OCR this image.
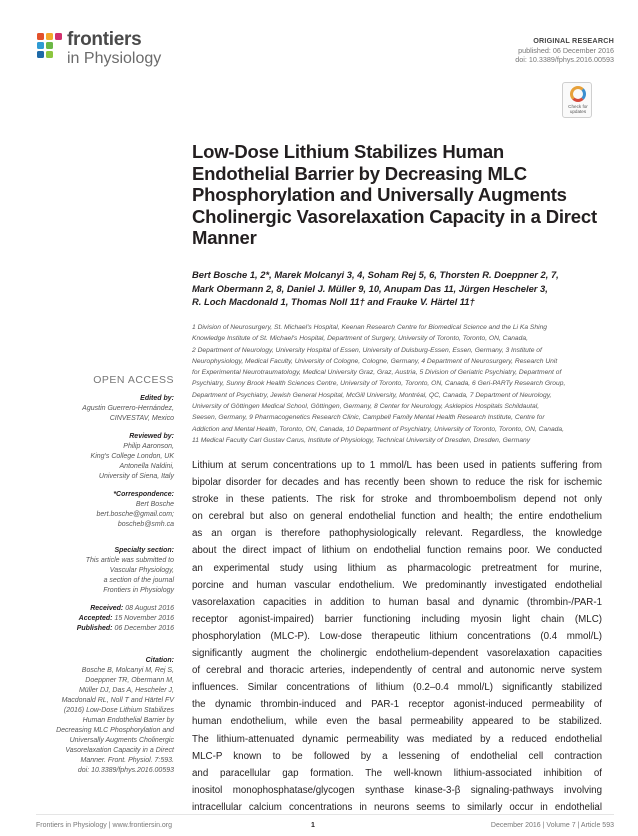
frontiers
in Physiology
ORIGINAL RESEARCH
published: 06 December 2016
doi: 10.3389/fphys.2016.00593
Check for updates
OPEN ACCESS
Edited by:
Agustin Guerrero-Hernández,
CINVESTAV, Mexico
Reviewed by:
Philip Aaronson,
King's College London, UK
Antonella Naldini,
University of Siena, Italy
*Correspondence:
Bert Bosche
bert.bosche@gmail.com;
boscheb@smh.ca
Specialty section:
This article was submitted to
Vascular Physiology,
a section of the journal
Frontiers in Physiology
Received: 08 August 2016
Accepted: 15 November 2016
Published: 06 December 2016
Citation:
Bosche B, Molcanyi M, Rej S,
Doeppner TR, Obermann M,
Müller DJ, Das A, Hescheler J,
Macdonald RL, Noll T and Härtel FV
(2016) Low-Dose Lithium Stabilizes
Human Endothelial Barrier by
Decreasing MLC Phosphorylation and
Universally Augments Cholinergic
Vasorelaxation Capacity in a Direct
Manner. Front. Physiol. 7:593.
doi: 10.3389/fphys.2016.00593
Low-Dose Lithium Stabilizes Human Endothelial Barrier by Decreasing MLC Phosphorylation and Universally Augments Cholinergic Vasorelaxation Capacity in a Direct Manner
Bert Bosche 1, 2*, Marek Molcanyi 3, 4, Soham Rej 5, 6, Thorsten R. Doeppner 2, 7,
Mark Obermann 2, 8, Daniel J. Müller 9, 10, Anupam Das 11, Jürgen Hescheler 3,
R. Loch Macdonald 1, Thomas Noll 11† and Frauke V. Härtel 11†
1 Division of Neurosurgery, St. Michael's Hospital, Keenan Research Centre for Biomedical Science and the Li Ka Shing
Knowledge Institute of St. Michael's Hospital, Department of Surgery, University of Toronto, Toronto, ON, Canada,
2 Department of Neurology, University Hospital of Essen, University of Duisburg-Essen, Essen, Germany, 3 Institute of
Neurophysiology, Medical Faculty, University of Cologne, Cologne, Germany, 4 Department of Neurosurgery, Research Unit
for Experimental Neurotraumatology, Medical University Graz, Graz, Austria, 5 Division of Geriatric Psychiatry, Department of
Psychiatry, Sunny Brook Health Sciences Centre, University of Toronto, Toronto, ON, Canada, 6 Geri-PARTy Research Group,
Department of Psychiatry, Jewish General Hospital, McGill University, Montréal, QC, Canada, 7 Department of Neurology,
University of Göttingen Medical School, Göttingen, Germany, 8 Center for Neurology, Asklepios Hospitals Schildautal,
Seesen, Germany, 9 Pharmacogenetics Research Clinic, Campbell Family Mental Health Research Institute, Centre for
Addiction and Mental Health, Toronto, ON, Canada, 10 Department of Psychiatry, University of Toronto, Toronto, ON, Canada,
11 Medical Faculty Carl Gustav Carus, Institute of Physiology, Technical University of Dresden, Dresden, Germany
Lithium at serum concentrations up to 1 mmol/L has been used in patients suffering from
bipolar disorder for decades and has recently been shown to reduce the risk for ischemic
stroke in these patients. The risk for stroke and thromboembolism depend not only
on cerebral but also on general endothelial function and health; the entire endothelium
as an organ is therefore pathophysiologically relevant. Regardless, the knowledge
about the direct impact of lithium on endothelial function remains poor. We conducted
an experimental study using lithium as pharmacologic pretreatment for murine,
porcine and human vascular endothelium. We predominantly investigated endothelial
vasorelaxation capacities in addition to human basal and dynamic (thrombin-/PAR-1
receptor agonist-impaired) barrier functioning including myosin light chain (MLC)
phosphorylation (MLC-P). Low-dose therapeutic lithium concentrations (0.4 mmol/L)
significantly augment the cholinergic endothelium-dependent vasorelaxation capacities
of cerebral and thoracic arteries, independently of central and autonomic nerve system
influences. Similar concentrations of lithium (0.2–0.4 mmol/L) significantly stabilized
the dynamic thrombin-induced and PAR-1 receptor agonist-induced permeability of
human endothelium, while even the basal permeability appeared to be stabilized.
The lithium-attenuated dynamic permeability was mediated by a reduced endothelial
MLC-P known to be followed by a lessening of endothelial cell contraction
and paracellular gap formation. The well-known lithium-associated inhibition of
inositol monophosphatase/glycogen synthase kinase-3-β signaling-pathways involving
intracellular calcium concentrations in neurons seems to similarly occur in endothelial
Frontiers in Physiology | www.frontiersin.org	1	December 2016 | Volume 7 | Article 593
